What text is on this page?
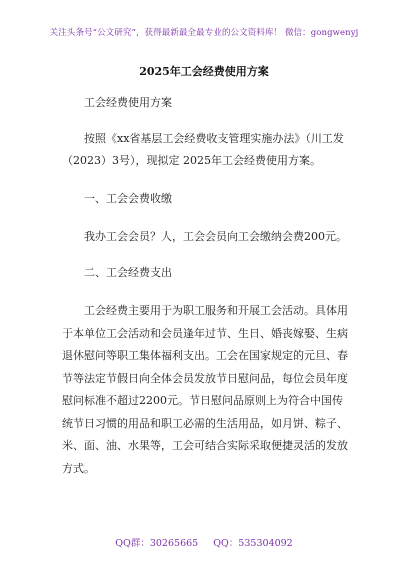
关注头条号“公文研究”，获得最新最全最专业的公文资料库！ 微信：gongwenyj
2025年工会经费使用方案
工会经费使用方案
按照《xx省基层工会经费收支管理实施办法》（川工发（2023）3号），现拟定 2025年工会经费使用方案。
一、工会会费收缴
我办工会会员？人，工会会员向工会缴纳会费200元。
二、工会经费支出
工会经费主要用于为职工服务和开展工会活动。具体用于本单位工会活动和会员逢年过节、生日、婚丧嫁娶、生病退休慰问等职工集体福利支出。工会在国家规定的元旦、春节等法定节假日向全体会员发放节日慰问品，每位会员年度慰问标准不超过2200元。节日慰问品原则上为符合中国传统节日习惯的用品和职工必需的生活用品，如月饼、粽子、米、面、油、水果等，工会可结合实际采取便捷灵活的发放方式。
QQ群：30265665 QQ：535304092
